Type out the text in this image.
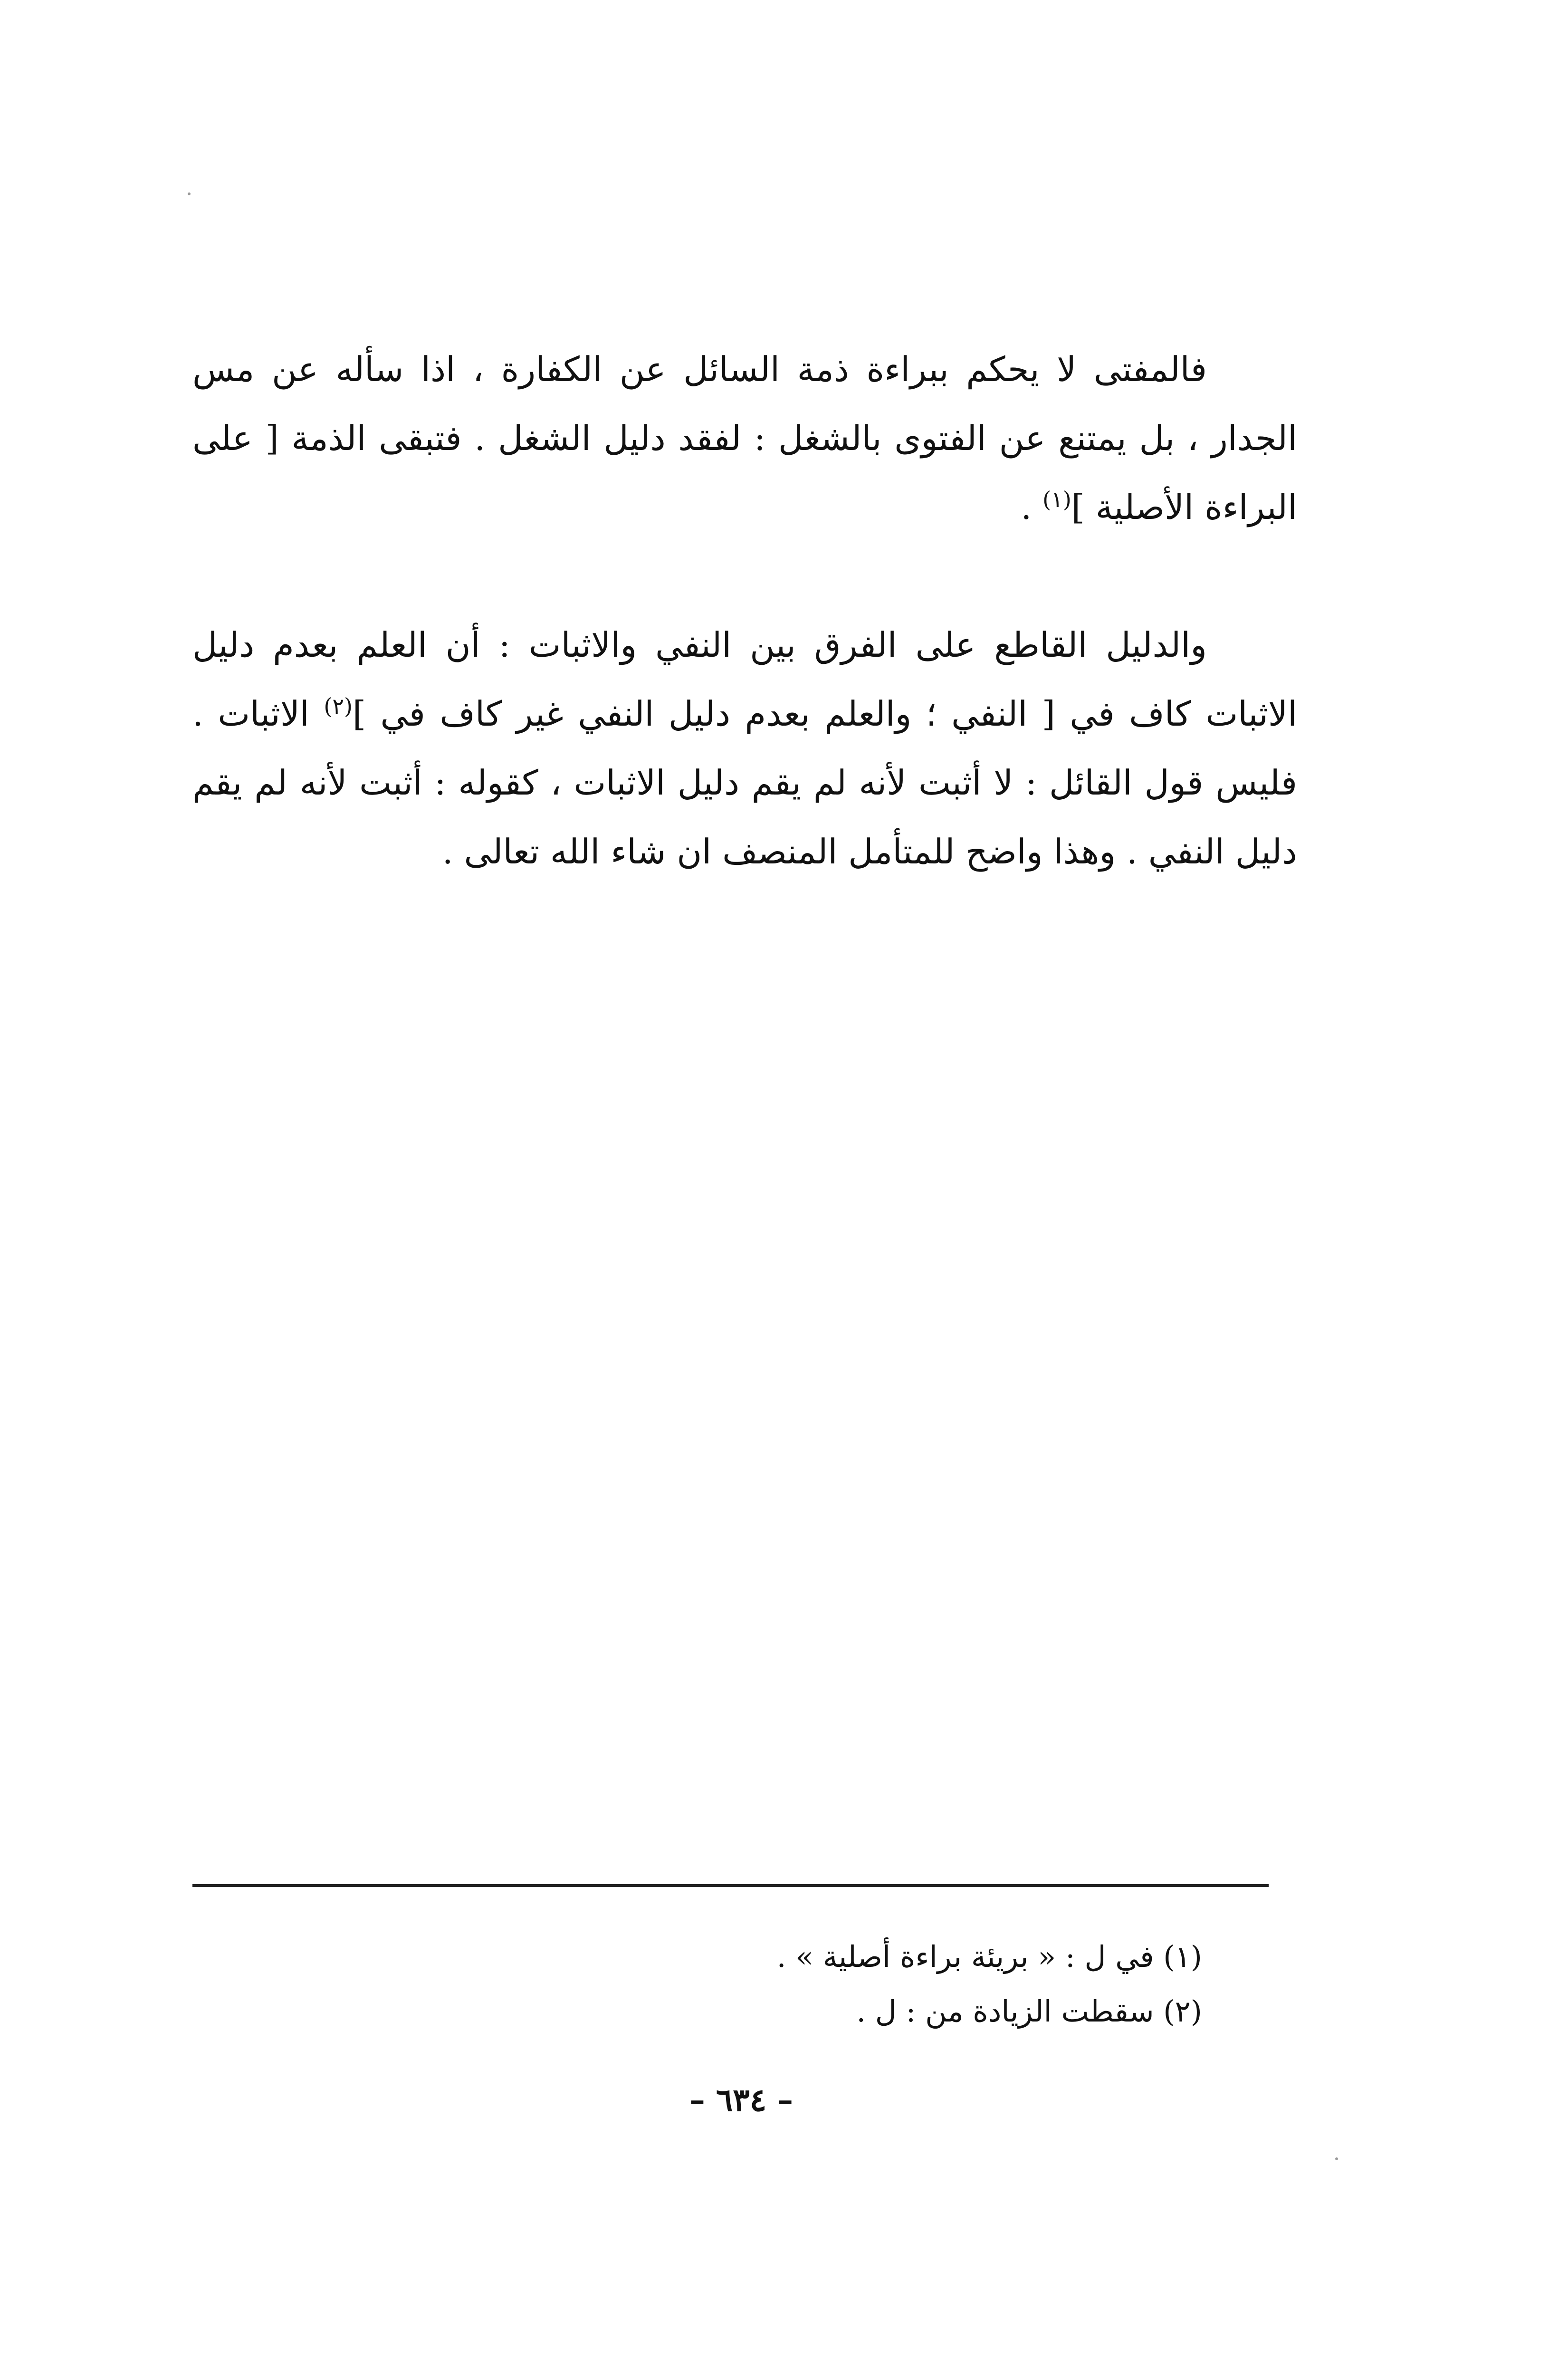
فالمفتى لا يحكم ببراءة ذمة السائل عن الكفارة ، اذا سأله عن مس الجدار ، بل يمتنع عن الفتوى بالشغل : لفقد دليل الشغل . فتبقى الذمة [ على البراءة الأصلية ]$^{(١)}$ .

والدليل القاطع على الفرق بين النفي والاثبات : أن العلم بعدم دليل الاثبات كاف في [ النفي ؛ والعلم بعدم دليل النفي غير كاف في ]$^{(٢)}$ الاثبات . فليس قول القائل : لا أثبت لأنه لم يقم دليل الاثبات ، كقوله : أثبت لأنه لم يقم دليل النفي . وهذا واضح للمتأمل المنصف ان شاء الله تعالى .

(١) في ل : « بريئة براءة أصلية » .

(٢) سقطت الزيادة من : ل .

– ٦٣٤ –
